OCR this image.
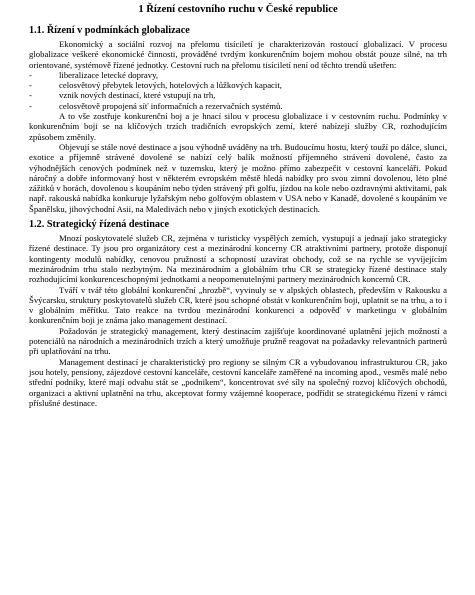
1 Řízení cestovního ruchu v České republice
1.1. Řízení v podmínkách globalizace

Ekonomický a sociální rozvoj na přelomu tisíciletí je charakterizován rostoucí globalizací. V procesu globalizace veškeré ekonomické činnosti, prováděné tvrdým konkurenčním bojem mohou obstát pouze silné, na trh orientované, systémově řízené jednotky. Cestovní ruch na přelomu tisíciletí není od těchto trendů ušetřen:

-	liberalizace letecké dopravy,
-	celosvětový přebytek letových, hotelových a lůžkových kapacit,
-	vznik nových destinací, které vstupují na trh,
-	celosvětově propojená síť informačních a rezervačních systémů.

A to vše zostřuje konkurenční boj a je hnací silou v procesu globalizace i v cestovním ruchu. Podmínky v konkurenčním boji se na klíčových trzích tradičních evropských zemí, které nabízejí služby CR, rozhodujícím způsobem změnily.

Objevují se stále nové destinace a jsou výhodně uváděny na trh. Budoucímu hostu, který touží po dálce, slunci, exotice a příjemně strávené dovolené se nabízí celý balík možností příjemného strávení dovolené, často za výhodnějších cenových podmínek než v tuzemsku, který je možno přímo zabezpečit v cestovní kanceláři. Pokud náročný a dobře informovaný host v některém evropském městě hledá nabídky pro svou zimní dovolenou, lėto plné zážitků v horách, dovolenou s koupáním nebo týden strávený při golfu, jízdou na kole nebo ozdravnými aktivitami, pak např. rakouská nabídka konkuruje lyžařským nebo golfovým oblastem v USA nebo v Kanadě, dovolené s koupáním ve Španělsku, jihovýchodní Asii, na Maledivách nebo v jiných exotických destinacích.

1.2. Strategický řízená destinace

Mnozí poskytovatelé služeb CR, zejména v turisticky vyspělých zemích, vystupují a jednají jako strategicky řízené destinace. Ty jsou pro organizátory cest a mezinárodní koncerny CR atraktivními partnery, protože disponují kontingenty modulů nabídky, cenovou pružností a schopností uzavírat obchody, což se na rychle se vyvíjejícím mezinárodním trhu stalo nezbytným. Na mezinárodním a globálním trhu CR se strategicky řízené destinace staly rozhodujícími konkurenceschopnými jednotkami a neopomenutelnými partnery mezinárodních koncernů CR.

Tváří v tvář této globální konkurenční „hrozbě“, vyvinuly se v alpských oblastech, především v Rakousku a Švýcarsku, struktury poskytovatelů služeb CR, které jsou schopné obstát v konkurenčním boji, uplatnit se na trhu, a to i v globálním měřítku. Tato reakce na tvrdou mezinárodní konkurenci a odpověď v marketingu v globálním konkurenčním boji je známa jako management destinací.

Požadován je strategický management, který destinacím zajišťuje koordinované uplatnění jejich možností a potenciálů na národních a mezinárodních trzích a který umožňuje pružně reagovat na požadavky relevantních partnerů při uplatňování na trhu.

Management destinací je charakteristický pro regiony se silným CR a vybudovanou infrastrukturou CR, jako jsou hotely, pensiony, zájezdové cestovní kanceláře, cestovní kanceláře zaměřené na incoming apod., vesměs malé nebo střední podniky, které mají odvahu stát se „podnikem“, koncentrovat své síly na společný rozvoj klíčových obchodů, organizaci a aktivní uplatnění na trhu, akceptovat formy vzájemné kooperace, podřídit se strategickému řízení v rámci příslušné destinace.
